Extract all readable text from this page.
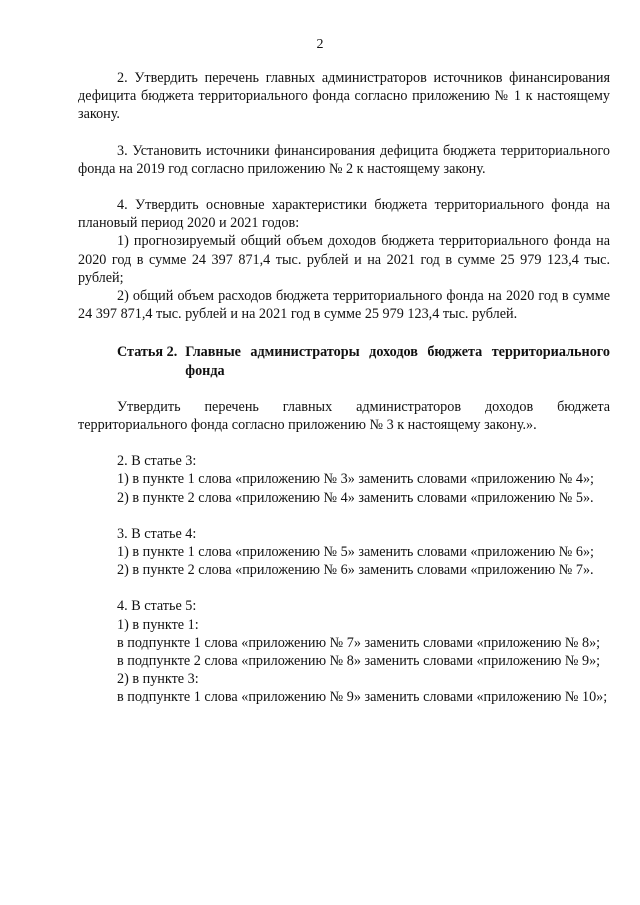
2

2. Утвердить перечень главных администраторов источников финансирования дефицита бюджета территориального фонда согласно приложению № 1 к настоящему закону.

3. Установить источники финансирования дефицита бюджета территориального фонда на 2019 год согласно приложению № 2 к настоящему закону.

4. Утвердить основные характеристики бюджета территориального фонда на плановый период 2020 и 2021 годов:

1) прогнозируемый общий объем доходов бюджета территориального фонда на 2020 год в сумме 24 397 871,4 тыс. рублей и на 2021 год в сумме 25 979 123,4 тыс. рублей;

2) общий объем расходов бюджета территориального фонда на 2020 год в сумме 24 397 871,4 тыс. рублей и на 2021 год в сумме 25 979 123,4 тыс. рублей.

Статья 2. Главные администраторы доходов бюджета территориального фонда

Утвердить перечень главных администраторов доходов бюджета территориального фонда согласно приложению № 3 к настоящему закону.».

2. В статье 3:

1) в пункте 1 слова «приложению № 3» заменить словами «приложению № 4»;

2) в пункте 2 слова «приложению № 4» заменить словами «приложению № 5».

3. В статье 4:

1) в пункте 1 слова «приложению № 5» заменить словами «приложению № 6»;

2) в пункте 2 слова «приложению № 6» заменить словами «приложению № 7».

4. В статье 5:

1) в пункте 1:

в подпункте 1 слова «приложению № 7» заменить словами «приложению № 8»;

в подпункте 2 слова «приложению № 8» заменить словами «приложению № 9»;

2) в пункте 3:

в подпункте 1 слова «приложению № 9» заменить словами «приложению № 10»;
